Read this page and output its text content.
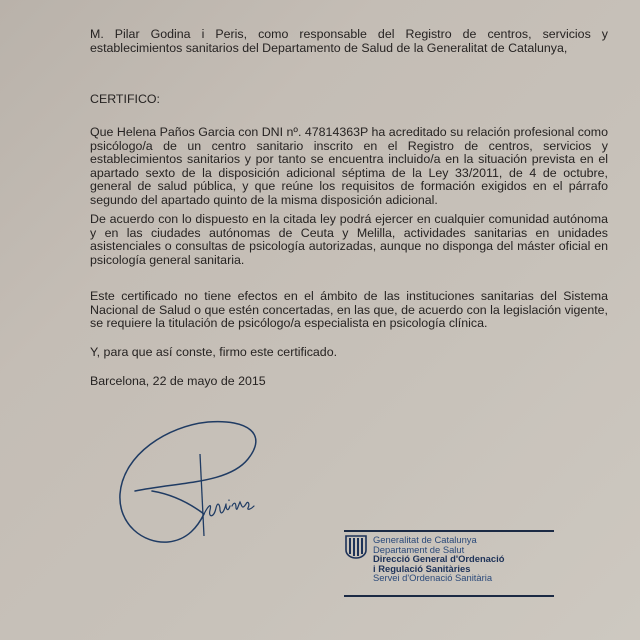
M. Pilar Godina i Peris, como responsable del Registro de centros, servicios y establecimientos sanitarios del Departamento de Salud de la Generalitat de Catalunya,
CERTIFICO:
Que Helena Paños Garcia con DNI nº. 47814363P ha acreditado su relación profesional como psicólogo/a de un centro sanitario inscrito en el Registro de centros, servicios y establecimientos sanitarios y por tanto se encuentra incluido/a en la situación prevista en el apartado sexto de la disposición adicional séptima de la Ley 33/2011, de 4 de octubre, general de salud pública, y que reúne los requisitos de formación exigidos en el párrafo segundo del apartado quinto de la misma disposición adicional.
De acuerdo con lo dispuesto en la citada ley podrá ejercer en cualquier comunidad autónoma y en las ciudades autónomas de Ceuta y Melilla, actividades sanitarias en unidades asistenciales o consultas de psicología autorizadas, aunque no disponga del máster oficial en psicología general sanitaria.
Este certificado no tiene efectos en el ámbito de las instituciones sanitarias del Sistema Nacional de Salud o que estén concertadas, en las que, de acuerdo con la legislación vigente, se requiere la titulación de psicólogo/a especialista en psicología clínica.
Y, para que así conste, firmo este certificado.
Barcelona, 22 de mayo de 2015
Generalitat de Catalunya
Departament de Salut
Direcció General d'Ordenació
i Regulació Sanitàries
Servei d'Ordenació Sanitària
